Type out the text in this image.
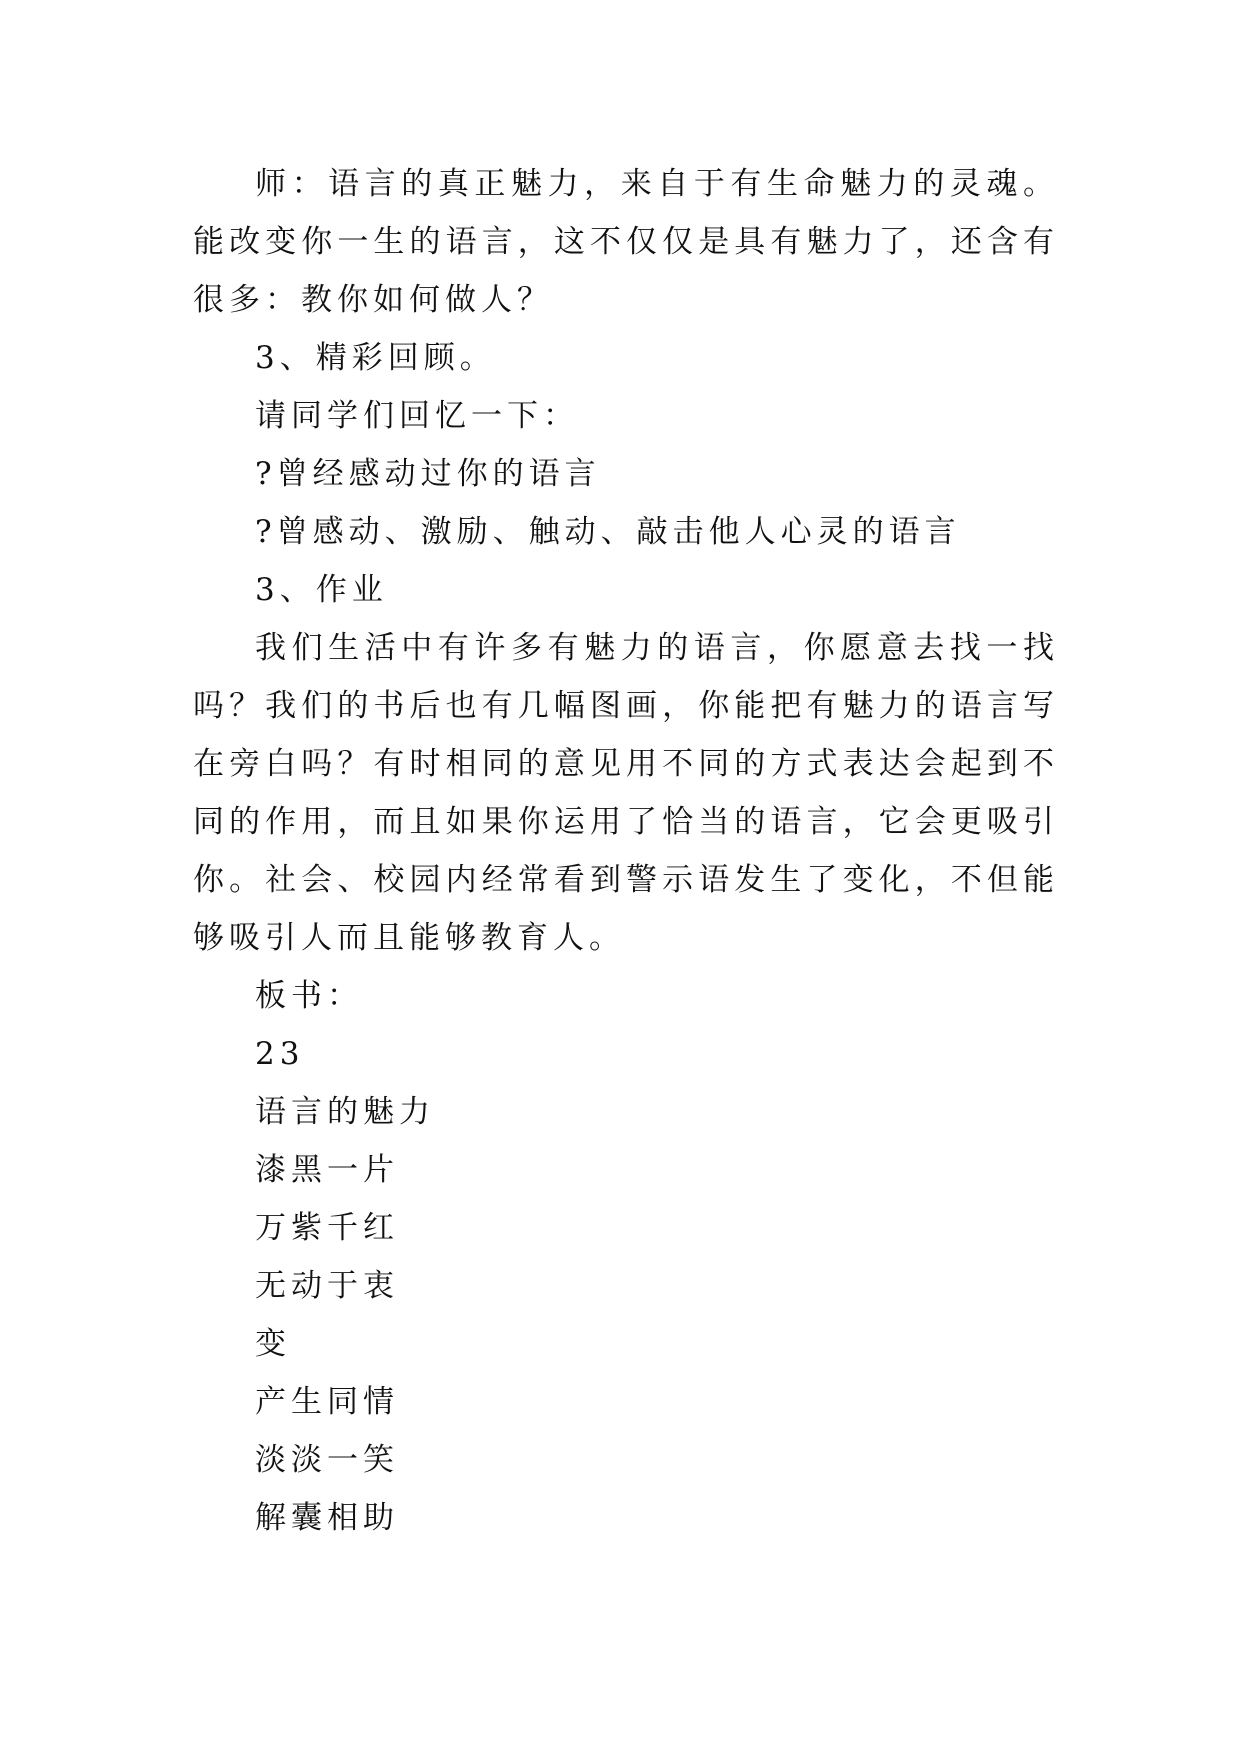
师：语言的真正魅力，来自于有生命魅力的灵魂。能改变你一生的语言，这不仅仅是具有魅力了，还含有很多：教你如何做人？

3、精彩回顾。

请同学们回忆一下：

?曾经感动过你的语言

?曾感动、激励、触动、敲击他人心灵的语言

3、作业

我们生活中有许多有魅力的语言，你愿意去找一找吗？我们的书后也有几幅图画，你能把有魅力的语言写在旁白吗？有时相同的意见用不同的方式表达会起到不同的作用，而且如果你运用了恰当的语言，它会更吸引你。社会、校园内经常看到警示语发生了变化，不但能够吸引人而且能够教育人。

板书：

23

语言的魅力

漆黑一片

万紫千红

无动于衷

变

产生同情

淡淡一笑

解囊相助
